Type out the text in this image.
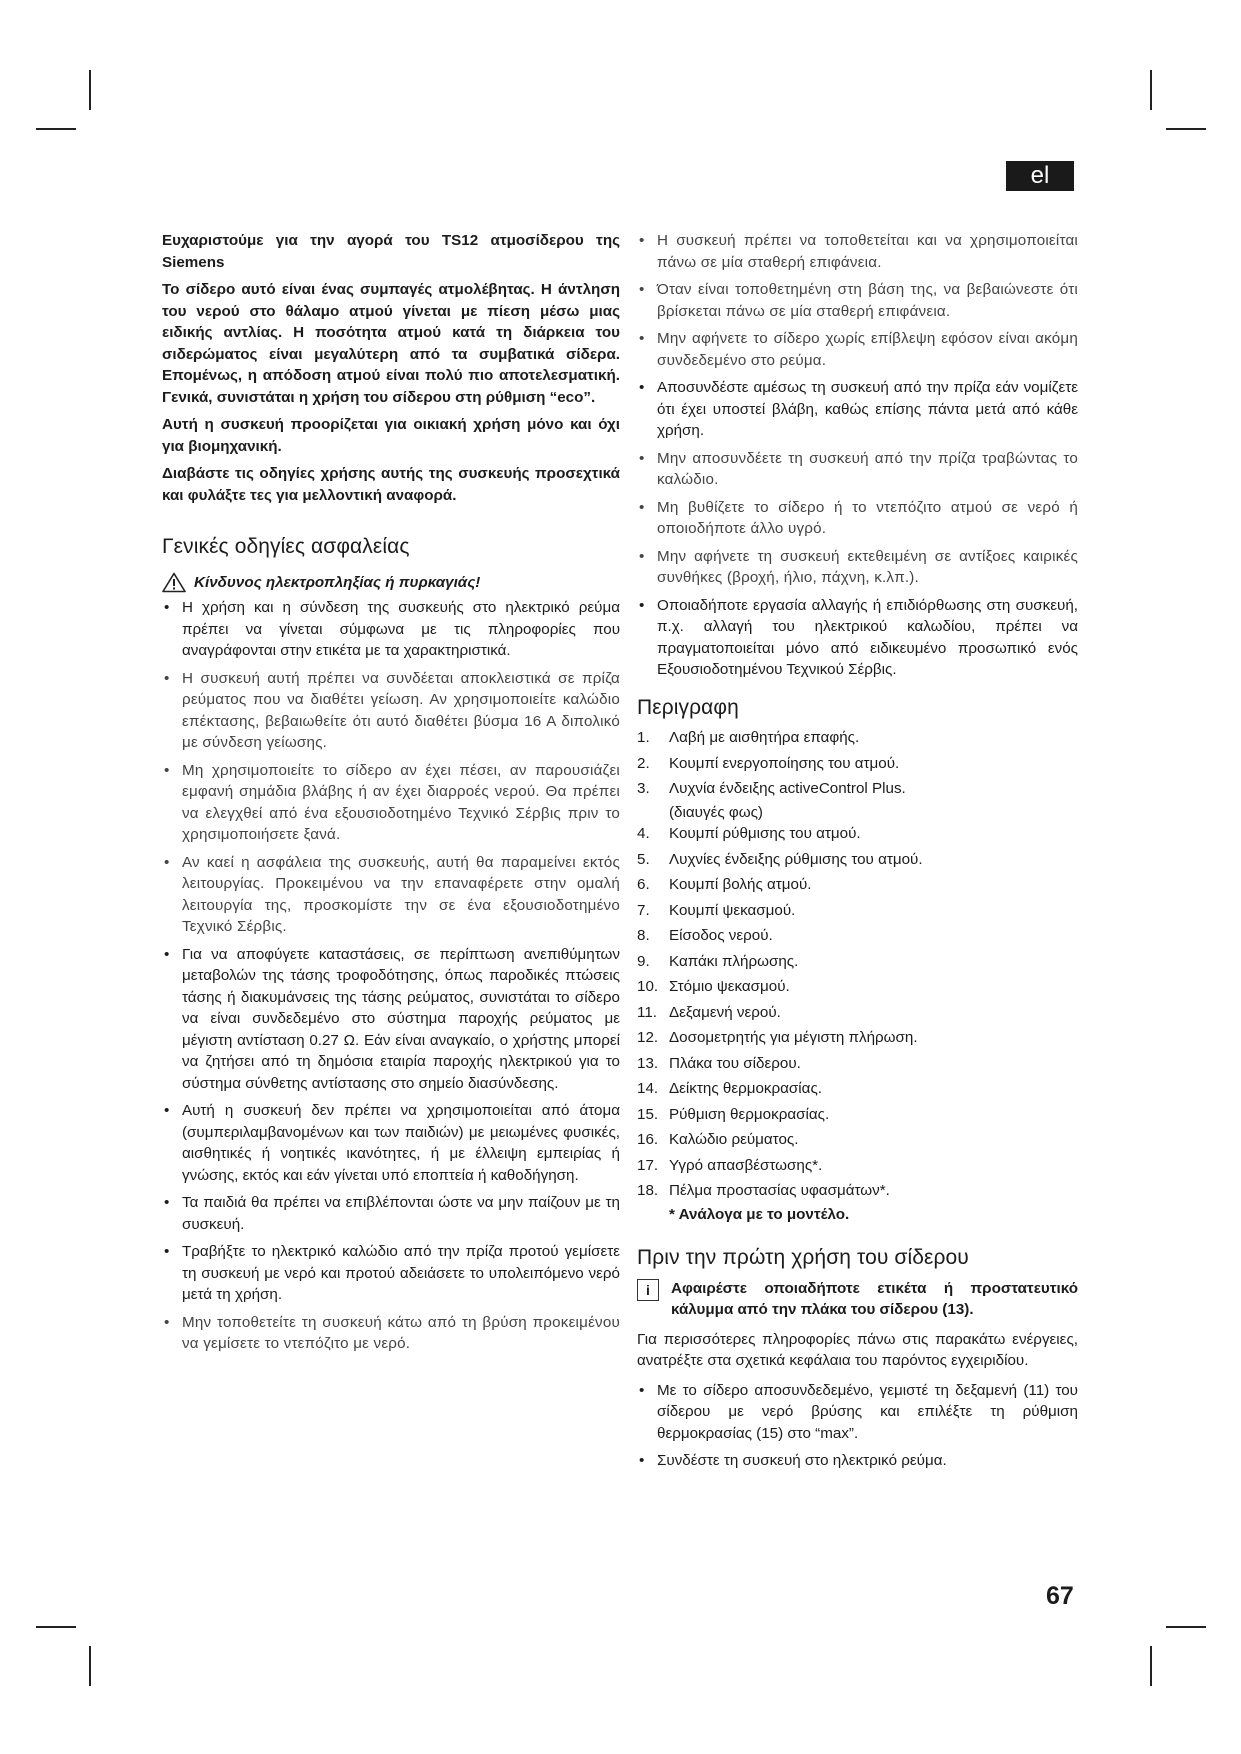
el

Ευχαριστούμε για την αγορά του TS12 ατμοσίδερου της Siemens

Το σίδερο αυτό είναι ένας συμπαγές ατμολέβητας. Η άντληση του νερού στο θάλαμο ατμού γίνεται με πίεση μέσω μιας ειδικής αντλίας. Η ποσότητα ατμού κατά τη διάρκεια του σιδερώματος είναι μεγαλύτερη από τα συμβατικά σίδερα. Επομένως, η απόδοση ατμού είναι πολύ πιο αποτελεσματική. Γενικά, συνιστάται η χρήση του σίδερου στη ρύθμιση “eco”.

Αυτή η συσκευή προορίζεται για οικιακή χρήση μόνο και όχι για βιομηχανική.

Διαβάστε τις οδηγίες χρήσης αυτής της συσκευής προσεχτικά και φυλάξτε τες για μελλοντική αναφορά.

Γενικές οδηγίες ασφαλείας
Κίνδυνος ηλεκτροπληξίας ή πυρκαγιάς!
• Η χρήση και η σύνδεση της συσκευής στο ηλεκτρικό ρεύμα πρέπει να γίνεται σύμφωνα με τις πληροφορίες που αναγράφονται στην ετικέτα με τα χαρακτηριστικά.
• Η συσκευή αυτή πρέπει να συνδέεται αποκλειστικά σε πρίζα ρεύματος που να διαθέτει γείωση. Αν χρησιμοποιείτε καλώδιο επέκτασης, βεβαιωθείτε ότι αυτό διαθέτει βύσμα 16 Α διπολικό με σύνδεση γείωσης.
• Μη χρησιμοποιείτε το σίδερο αν έχει πέσει, αν παρουσιάζει εμφανή σημάδια βλάβης ή αν έχει διαρροές νερού. Θα πρέπει να ελεγχθεί από ένα εξουσιοδοτημένο Τεχνικό Σέρβις πριν το χρησιμοποιήσετε ξανά.
• Αν καεί η ασφάλεια της συσκευής, αυτή θα παραμείνει εκτός λειτουργίας. Προκειμένου να την επαναφέρετε στην ομαλή λειτουργία της, προσκομίστε την σε ένα εξουσιοδοτημένο Τεχνικό Σέρβις.
• Για να αποφύγετε καταστάσεις, σε περίπτωση ανεπιθύμητων μεταβολών της τάσης τροφοδότησης, όπως παροδικές πτώσεις τάσης ή διακυμάνσεις της τάσης ρεύματος, συνιστάται το σίδερο να είναι συνδεδεμένο στο σύστημα παροχής ρεύματος με μέγιστη αντίσταση 0.27 Ω. Εάν είναι αναγκαίο, ο χρήστης μπορεί να ζητήσει από τη δημόσια εταιρία παροχής ηλεκτρικού για το σύστημα σύνθετης αντίστασης στο σημείο διασύνδεσης.
• Αυτή η συσκευή δεν πρέπει να χρησιμοποιείται από άτομα (συμπεριλαμβανομένων και των παιδιών) με μειωμένες φυσικές, αισθητικές ή νοητικές ικανότητες, ή με έλλειψη εμπειρίας ή γνώσης, εκτός και εάν γίνεται υπό εποπτεία ή καθοδήγηση.
• Τα παιδιά θα πρέπει να επιβλέπονται ώστε να μην παίζουν με τη συσκευή.
• Τραβήξτε το ηλεκτρικό καλώδιο από την πρίζα προτού γεμίσετε τη συσκευή με νερό και προτού αδειάσετε το υπολειπόμενο νερό μετά τη χρήση.
• Μην τοποθετείτε τη συσκευή κάτω από τη βρύση προκειμένου να γεμίσετε το ντεπόζιτο με νερό.
• Η συσκευή πρέπει να τοποθετείται και να χρησιμοποιείται πάνω σε μία σταθερή επιφάνεια.
• Όταν είναι τοποθετημένη στη βάση της, να βεβαιώνεστε ότι βρίσκεται πάνω σε μία σταθερή επιφάνεια.
• Μην αφήνετε το σίδερο χωρίς επίβλεψη εφόσον είναι ακόμη συνδεδεμένο στο ρεύμα.
• Αποσυνδέστε αμέσως τη συσκευή από την πρίζα εάν νομίζετε ότι έχει υποστεί βλάβη, καθώς επίσης πάντα μετά από κάθε χρήση.
• Μην αποσυνδέετε τη συσκευή από την πρίζα τραβώντας το καλώδιο.
• Μη βυθίζετε το σίδερο ή το ντεπόζιτο ατμού σε νερό ή οποιοδήποτε άλλο υγρό.
• Μην αφήνετε τη συσκευή εκτεθειμένη σε αντίξοες καιρικές συνθήκες (βροχή, ήλιο, πάχνη, κ.λπ.).
• Οποιαδήποτε εργασία αλλαγής ή επιδιόρθωσης στη συσκευή, π.χ. αλλαγή του ηλεκτρικού καλωδίου, πρέπει να πραγματοποιείται μόνο από ειδικευμένο προσωπικό ενός Εξουσιοδοτημένου Τεχνικού Σέρβις.
Περιγραφη
1.	Λαβή με αισθητήρα επαφής.
2.	Κουμπί ενεργοποίησης του ατμού.
3.	Λυχνία ένδειξης activeControl Plus.
(διαυγές φως)
4.	Κουμπί ρύθμισης του ατμού.
5.	Λυχνίες ένδειξης ρύθμισης του ατμού.
6.	Κουμπί βολής ατμού.
7.	Κουμπί ψεκασμού.
8.	Είσοδος νερού.
9.	Καπάκι πλήρωσης.
10. Στόμιο ψεκασμού.
11. Δεξαμενή νερού.
12. Δοσομετρητής για μέγιστη πλήρωση.
13. Πλάκα του σίδερου.
14. Δείκτης θερμοκρασίας.
15. Ρύθμιση θερμοκρασίας.
16. Καλώδιο ρεύματος.
17. Υγρό απασβέστωσης*.
18. Πέλμα προστασίας υφασμάτων*.
* Ανάλογα με το μοντέλο.
Πριν την πρώτη χρήση του σίδερου
i	Αφαιρέστε οποιαδήποτε ετικέτα ή προστατευτικό κάλυμμα από την πλάκα του σίδερου (13).

Για περισσότερες πληροφορίες πάνω στις παρακάτω ενέργειες, ανατρέξτε στα σχετικά κεφάλαια του παρόντος εγχειριδίου.

• Με το σίδερο αποσυνδεδεμένο, γεμιστέ τη δεξαμενή (11) του σίδερου με νερό βρύσης και επιλέξτε τη ρύθμιση θερμοκρασίας (15) στο “max”.
• Συνδέστε τη συσκευή στο ηλεκτρικό ρεύμα.
67
